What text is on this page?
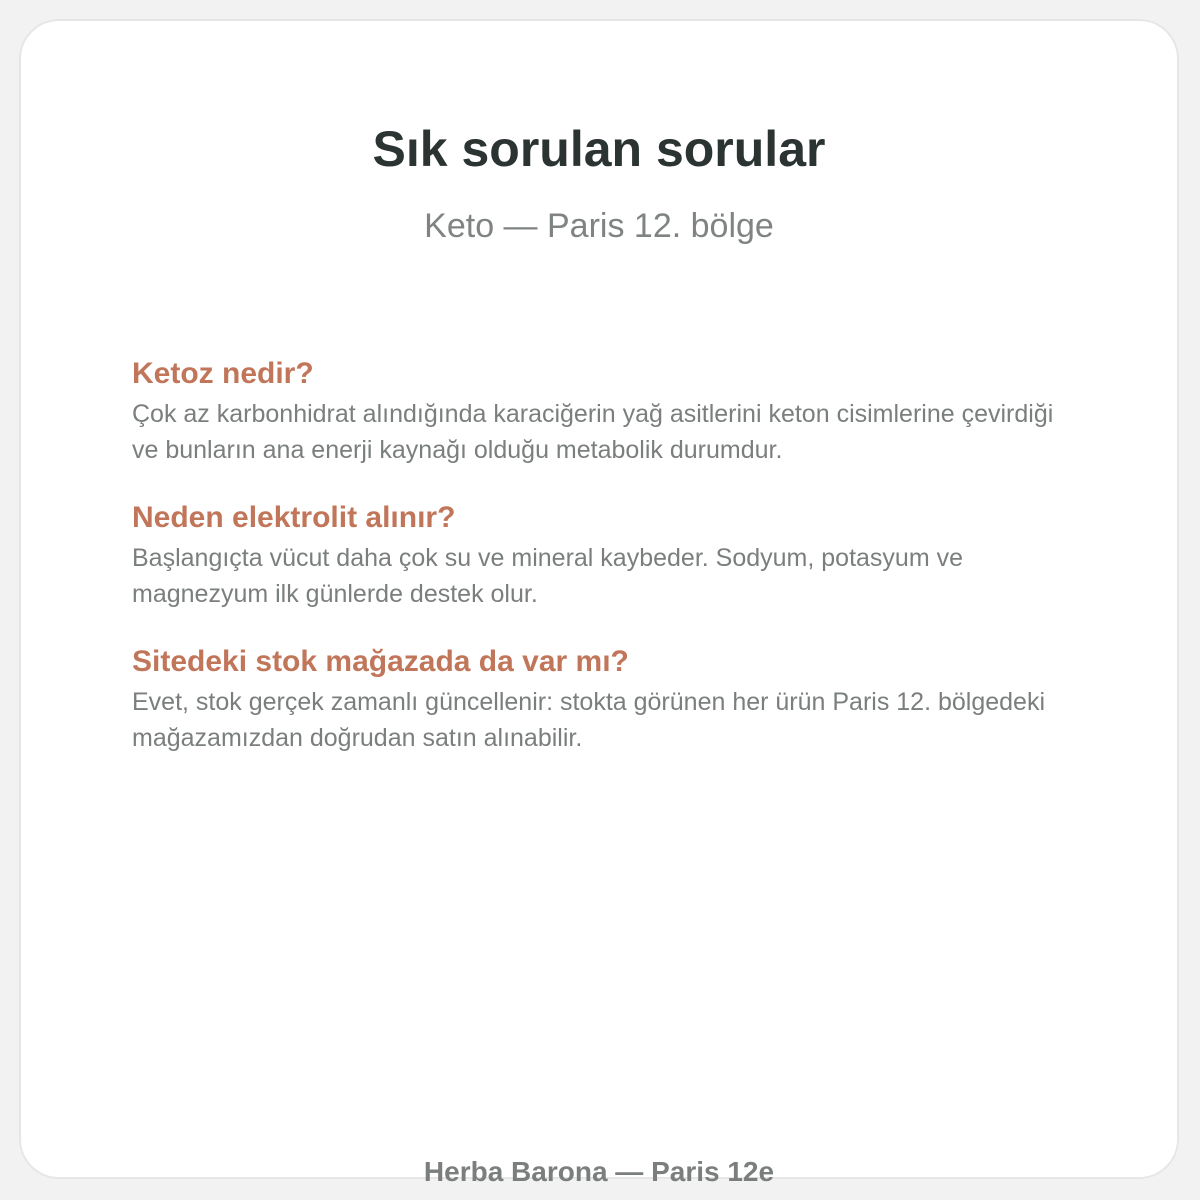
Sık sorulan sorular

Keto — Paris 12. bölge

Ketoz nedir?

Çok az karbonhidrat alındığında karaciğerin yağ asitlerini keton cisimlerine çevirdiği ve bunların ana enerji kaynağı olduğu metabolik durumdur.

Neden elektrolit alınır?

Başlangıçta vücut daha çok su ve mineral kaybeder. Sodyum, potasyum ve magnezyum ilk günlerde destek olur.

Sitedeki stok mağazada da var mı?

Evet, stok gerçek zamanlı güncellenir: stokta görünen her ürün Paris 12. bölgedeki mağazamızdan doğrudan satın alınabilir.

Herba Barona — Paris 12e
